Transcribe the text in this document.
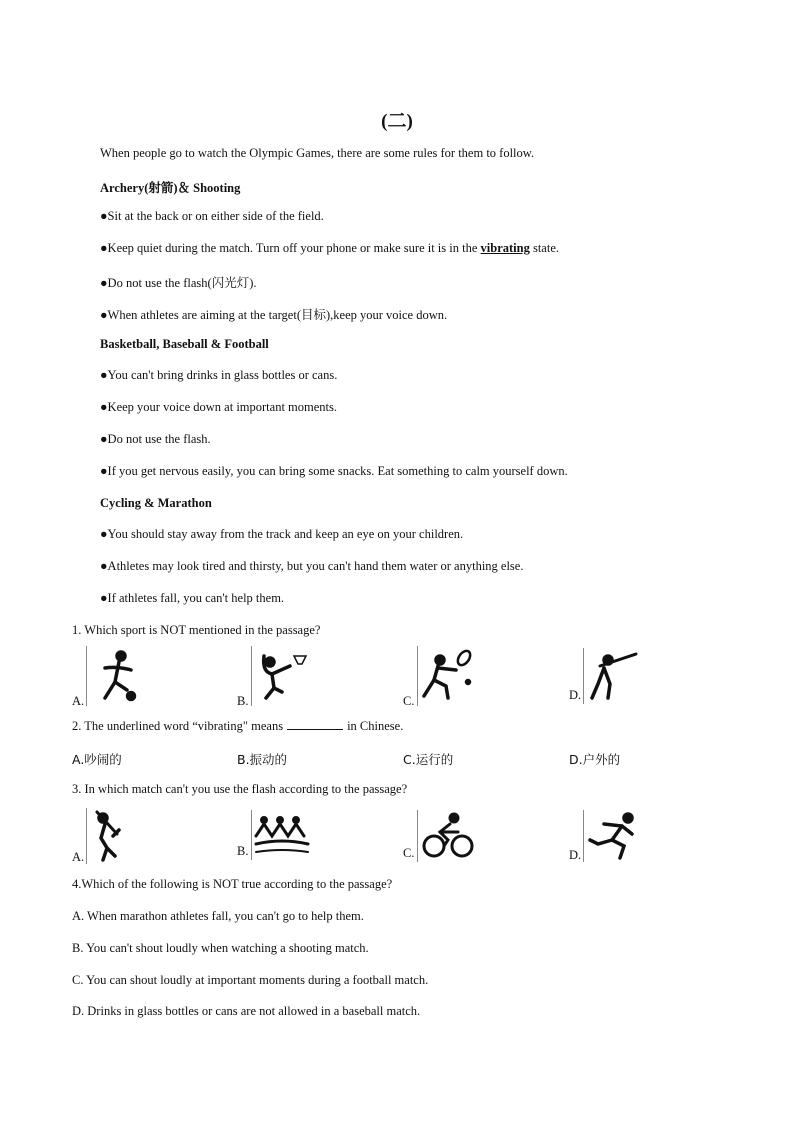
(二)
When people go to watch the Olympic Games, there are some rules for them to follow.
Archery(射箭)＆ Shooting
●Sit at the back or on either side of the field.
●Keep quiet during the match. Turn off your phone or make sure it is in the vibrating state.
●Do not use the flash(闪光灯).
●When athletes are aiming at the target(目标),keep your voice down.
Basketball, Baseball & Football
●You can't bring drinks in glass bottles or cans.
●Keep your voice down at important moments.
●Do not use the flash.
●If you get nervous easily, you can bring some snacks. Eat something to calm yourself down.
Cycling & Marathon
●You should stay away from the track and keep an eye on your children.
●Athletes may look tired and thirsty, but you can't hand them water or anything else.
●If athletes fall, you can't help them.
1. Which sport is NOT mentioned in the passage?
A.	B.	C.	D.
2. The underlined word “vibrating" means	in Chinese.
A.吵闹的	B.振动的	C.运行的	D.户外的
3. In which match can't you use the flash according to the passage?
A.	B.	C.	D.
4.Which of the following is NOT true according to the passage?
A. When marathon athletes fall, you can't go to help them.
B. You can't shout loudly when watching a shooting match.
C. You can shout loudly at important moments during a football match.
D. Drinks in glass bottles or cans are not allowed in a baseball match.
